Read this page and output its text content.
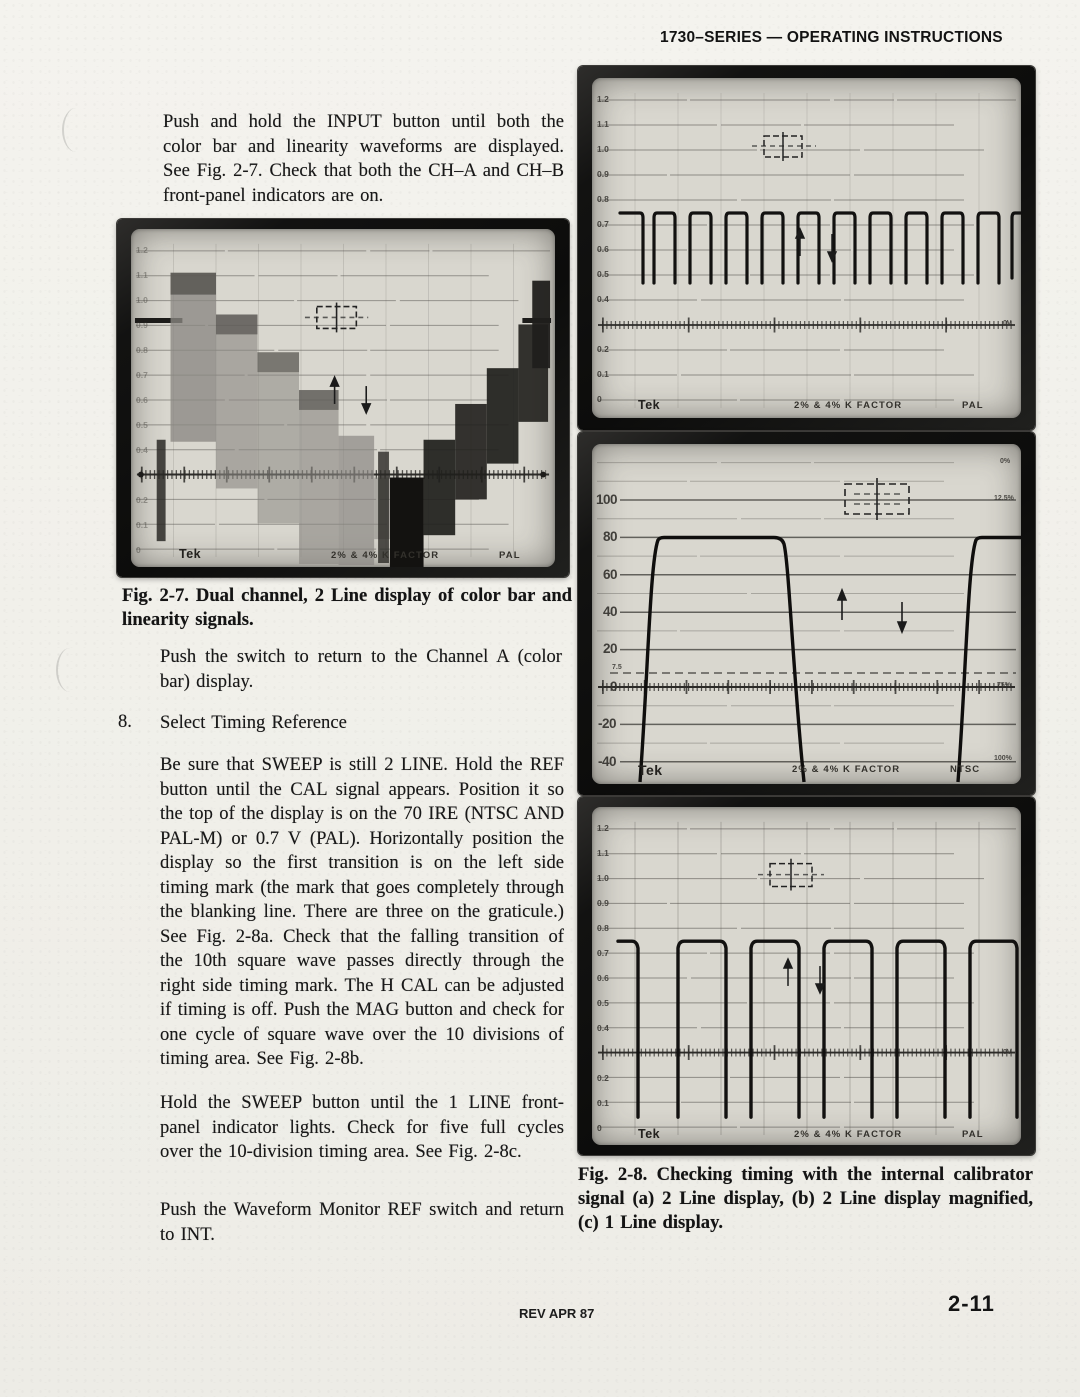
1730–SERIES — OPERATING INSTRUCTIONS
Push and hold the INPUT button until both the color bar and linearity waveforms are displayed. See Fig. 2-7. Check that both the CH–A and CH–B front-panel indicators are on.
1.2
1.1
1.0
0.9
0.8
0.7
0.6
0.5
0.4
0.2
0.1
0	Tek	2% & 4% K FACTOR	PAL
Fig. 2-7. Dual channel, 2 Line display of color bar and linearity signals.
Push the switch to return to the Channel A (color bar) display.
8. Select Timing Reference
Be sure that SWEEP is still 2 LINE. Hold the REF button until the CAL signal appears. Position it so the top of the display is on the 70 IRE (NTSC AND PAL-M) or 0.7 V (PAL). Horizontally position the display so the first transition is on the left side timing mark (the mark that goes completely through the blanking line. There are three on the graticule.) See Fig. 2-8a. Check that the falling transition of the 10th square wave passes directly through the right side timing mark. The H CAL can be adjusted if timing is off. Push the MAG button and check for one cycle of square wave over the 10 divisions of timing area. See Fig. 2-8b.
Hold the SWEEP button until the 1 LINE front-panel indicator lights. Check for five full cycles over the 10-division timing area. See Fig. 2-8c.
Push the Waveform Monitor REF switch and return to INT.
1.2
1.1
1.0
0.9
0.8
0.7
0.6
0.5
0.4
0.2
0.1
0
0V
Tek	2% & 4% K FACTOR	PAL
100
80
60
40
20
0
-20
-40
7.5
0%
12.5%
75%
100%
Tek	2% & 4% K FACTOR	NTSC
1.2
1.1
1.0
0.9
0.8
0.7
0.6
0.5
0.4
0.2
0.1
0
0V
Tek	2% & 4% K FACTOR	PAL
Fig. 2-8. Checking timing with the internal calibrator signal (a) 2 Line display, (b) 2 Line display magnified, (c) 1 Line display.
REV APR 87	2-11
